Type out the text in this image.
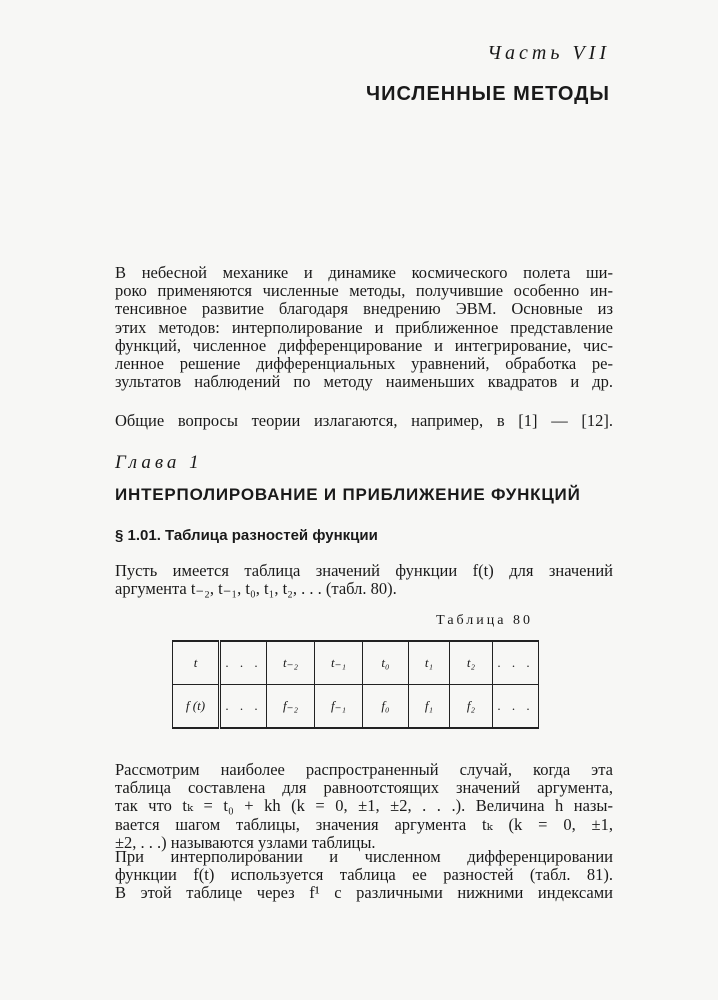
Часть VII
ЧИСЛЕННЫЕ МЕТОДЫ
В небесной механике и динамике космического полета ши-
роко применяются численные методы, получившие особенно ин-
тенсивное развитие благодаря внедрению ЭВМ. Основные из
этих методов: интерполирование и приближенное представление
функций, численное дифференцирование и интегрирование, чис-
ленное решение дифференциальных уравнений, обработка ре-
зультатов наблюдений по методу наименьших квадратов и др.
Общие вопросы теории излагаются, например, в [1] — [12].
Глава 1
ИНТЕРПОЛИРОВАНИЕ И ПРИБЛИЖЕНИЕ ФУНКЦИЙ
§ 1.01. Таблица разностей функции
Пусть имеется таблица значений функции f(t) для значений
аргумента t₋₂, t₋₁, t₀, t₁, t₂, . . . (табл. 80).
Таблица 80
t	. . .	t₋₂	t₋₁	t₀	t₁	t₂	. . .
f (t)	. . .	f₋₂	f₋₁	f₀	f₁	f₂	. . .
Рассмотрим наиболее распространенный случай, когда эта
таблица составлена для равноотстоящих значений аргумента,
так что tₖ = t₀ + kh (k = 0, ±1, ±2, . . .). Величина h назы-
вается шагом таблицы, значения аргумента tₖ (k = 0, ±1,
±2, . . .) называются узлами таблицы.
При интерполировании и численном дифференцировании
функции f(t) используется таблица ее разностей (табл. 81).
В этой таблице через f¹ с различными нижними индексами
